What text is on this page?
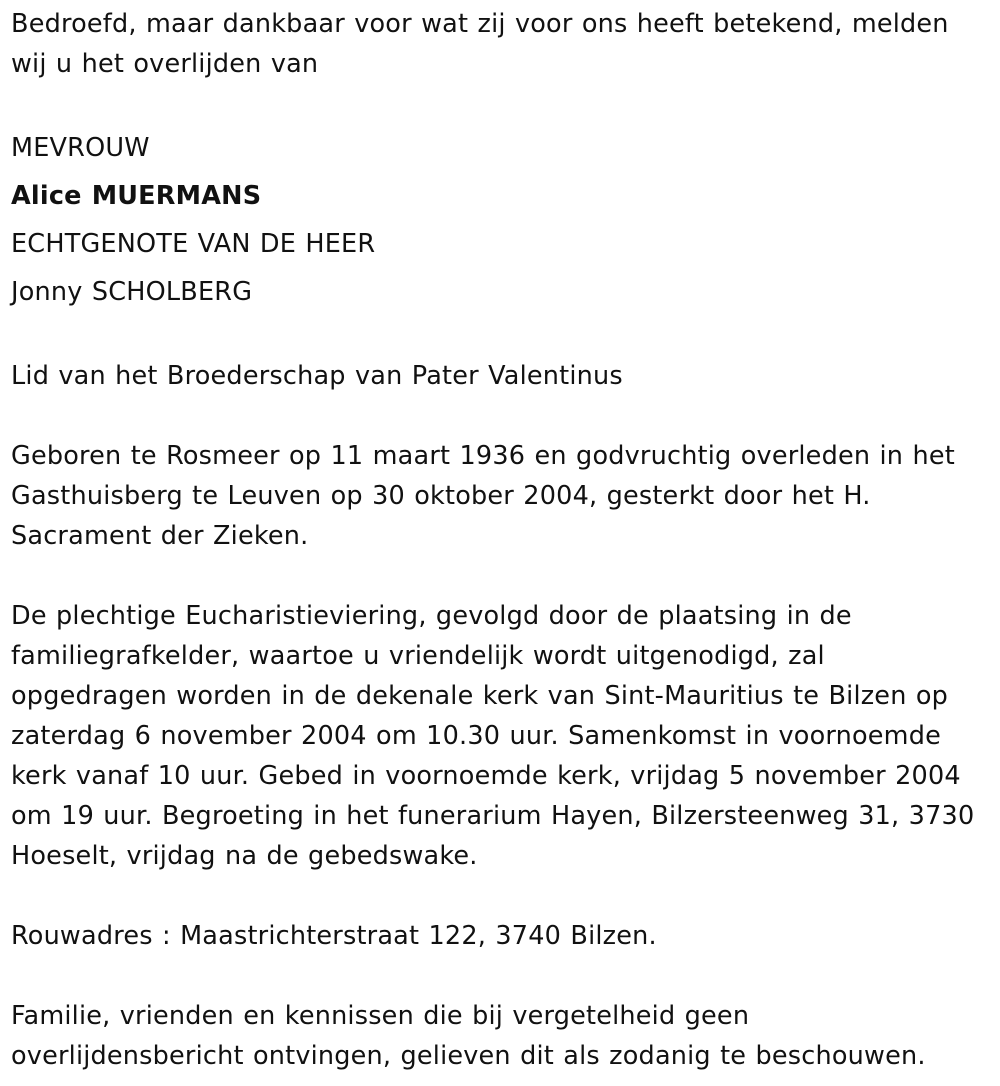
Bedroefd, maar dankbaar voor wat zij voor ons heeft betekend, melden
wij u het overlijden van
MEVROUW
Alice MUERMANS
ECHTGENOTE VAN DE HEER
Jonny SCHOLBERG
Lid van het Broederschap van Pater Valentinus
Geboren te Rosmeer op 11 maart 1936 en godvruchtig overleden in het
Gasthuisberg te Leuven op 30 oktober 2004, gesterkt door het H.
Sacrament der Zieken.
De plechtige Eucharistieviering, gevolgd door de plaatsing in de
familiegrafkelder, waartoe u vriendelijk wordt uitgenodigd, zal
opgedragen worden in de dekenale kerk van Sint-Mauritius te Bilzen op
zaterdag 6 november 2004 om 10.30 uur. Samenkomst in voornoemde
kerk vanaf 10 uur. Gebed in voornoemde kerk, vrijdag 5 november 2004
om 19 uur. Begroeting in het funerarium Hayen, Bilzersteenweg 31, 3730
Hoeselt, vrijdag na de gebedswake.
Rouwadres : Maastrichterstraat 122, 3740 Bilzen.
Familie, vrienden en kennissen die bij vergetelheid geen
overlijdensbericht ontvingen, gelieven dit als zodanig te beschouwen.
